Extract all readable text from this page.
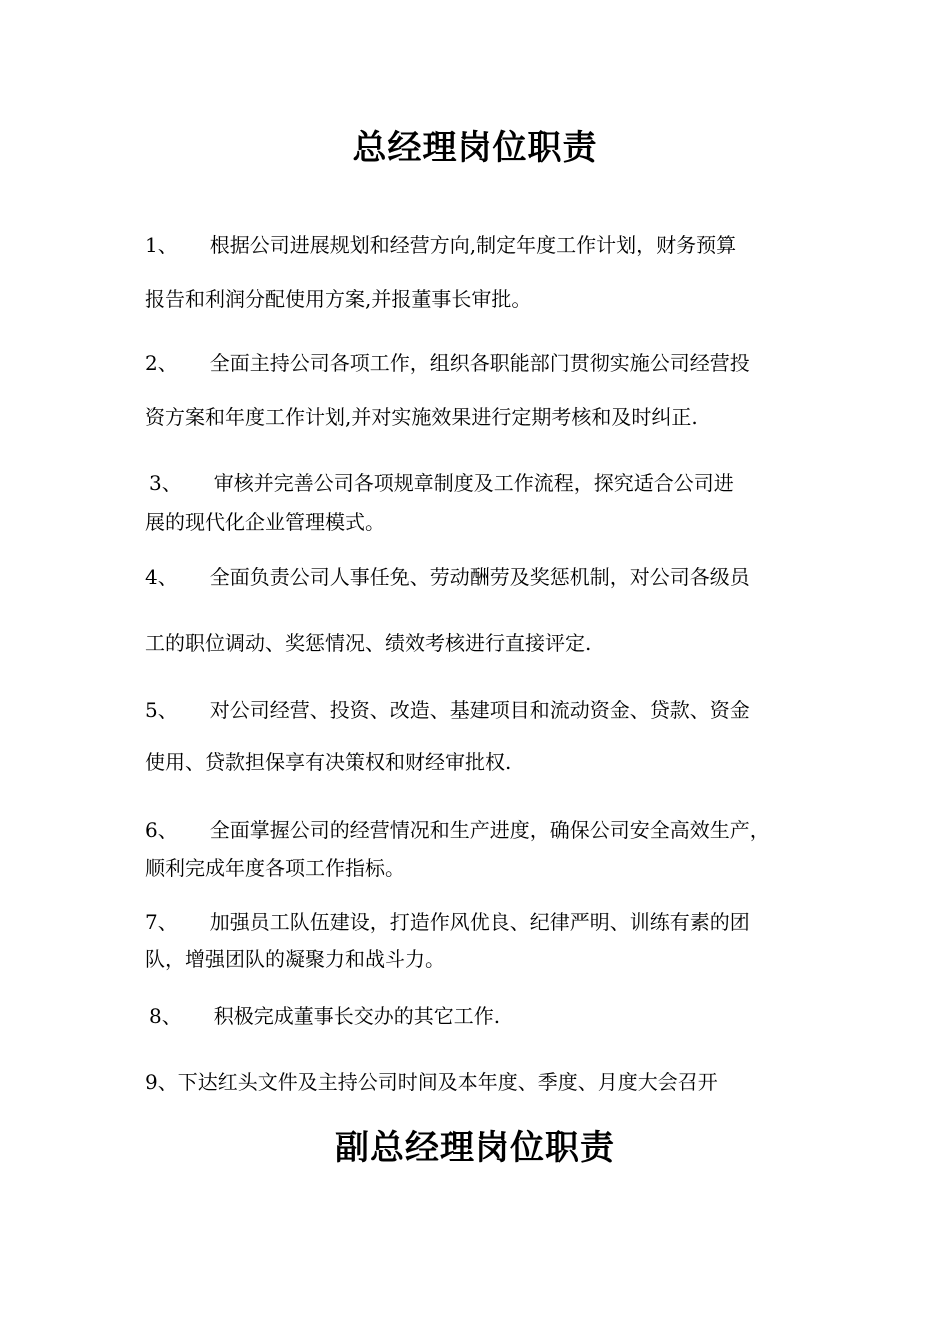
总经理岗位职责
1、 根据公司进展规划和经营方向,制定年度工作计划，财务预算
报告和利润分配使用方案,并报董事长审批。
2、 全面主持公司各项工作，组织各职能部门贯彻实施公司经营投
资方案和年度工作计划,并对实施效果进行定期考核和及时纠正.
3、 审核并完善公司各项规章制度及工作流程，探究适合公司进
展的现代化企业管理模式。
4、 全面负责公司人事任免、劳动酬劳及奖惩机制，对公司各级员
工的职位调动、奖惩情况、绩效考核进行直接评定.
5、 对公司经营、投资、改造、基建项目和流动资金、贷款、资金
使用、贷款担保享有决策权和财经审批权.
6、 全面掌握公司的经营情况和生产进度，确保公司安全高效生产，
顺利完成年度各项工作指标。
7、 加强员工队伍建设，打造作风优良、纪律严明、训练有素的团
队，增强团队的凝聚力和战斗力。
8、 积极完成董事长交办的其它工作.
9、下达红头文件及主持公司时间及本年度、季度、月度大会召开
副总经理岗位职责
